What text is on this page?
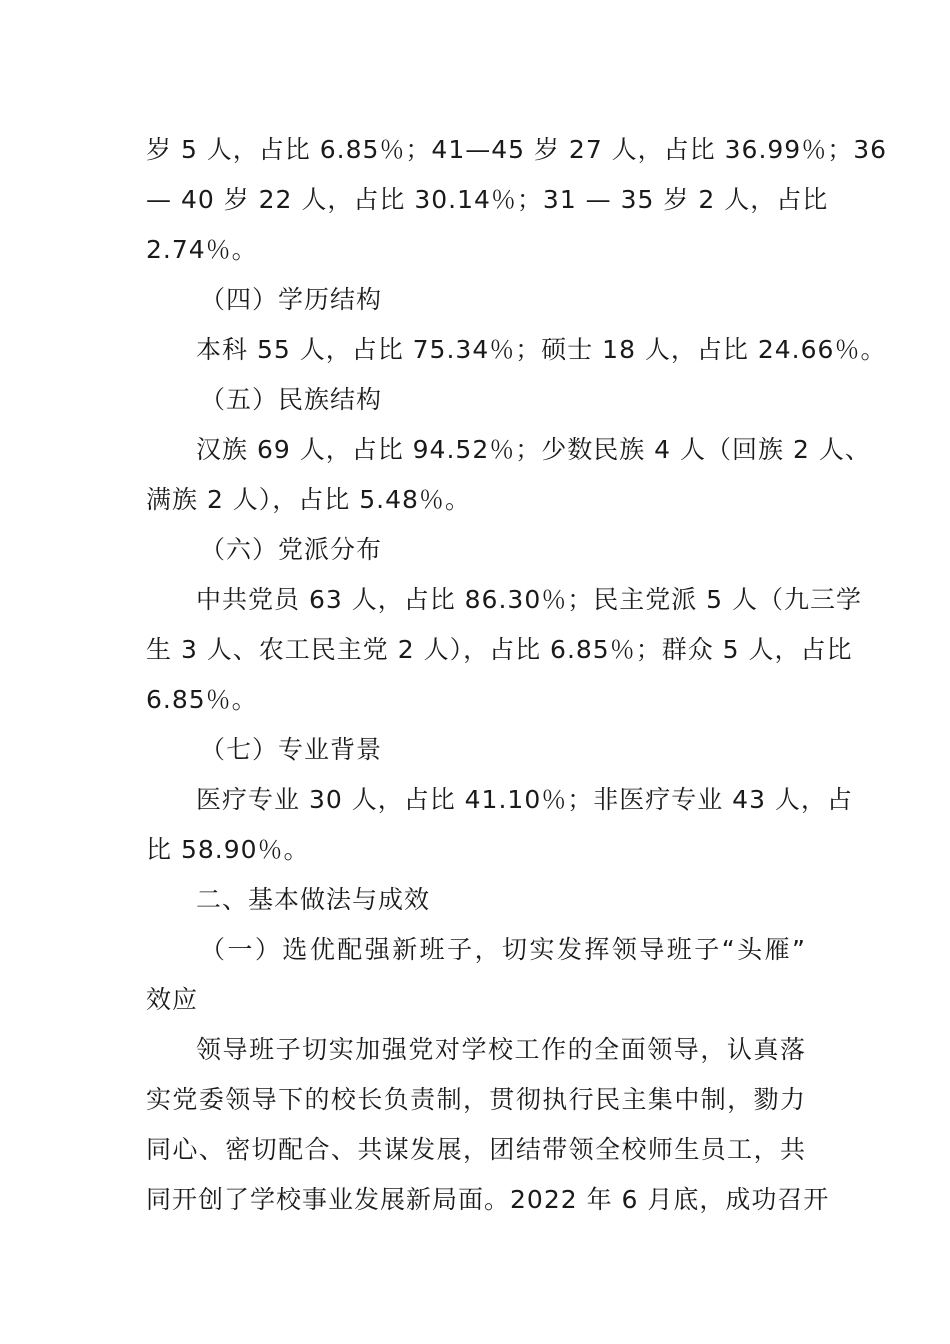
岁 5 人，占比 6.85％；41—45 岁 27 人，占比 36.99％；36
— 40 岁 22 人，占比 30.14％；31 — 35 岁 2 人，占比
2.74％。
（四）学历结构
本科 55 人，占比 75.34％；硕士 18 人，占比 24.66％。
（五）民族结构
汉族 69 人，占比 94.52％；少数民族 4 人（回族 2 人、
满族 2 人），占比 5.48％。
（六）党派分布
中共党员 63 人，占比 86.30％；民主党派 5 人（九三学
生 3 人、农工民主党 2 人），占比 6.85％；群众 5 人，占比
6.85％。
（七）专业背景
医疗专业 30 人，占比 41.10％；非医疗专业 43 人，占
比 58.90％。
二、基本做法与成效
（一）选优配强新班子，切实发挥领导班子“头雁”
效应
领导班子切实加强党对学校工作的全面领导，认真落
实党委领导下的校长负责制，贯彻执行民主集中制，勠力
同心、密切配合、共谋发展，团结带领全校师生员工，共
同开创了学校事业发展新局面。2022 年 6 月底，成功召开
